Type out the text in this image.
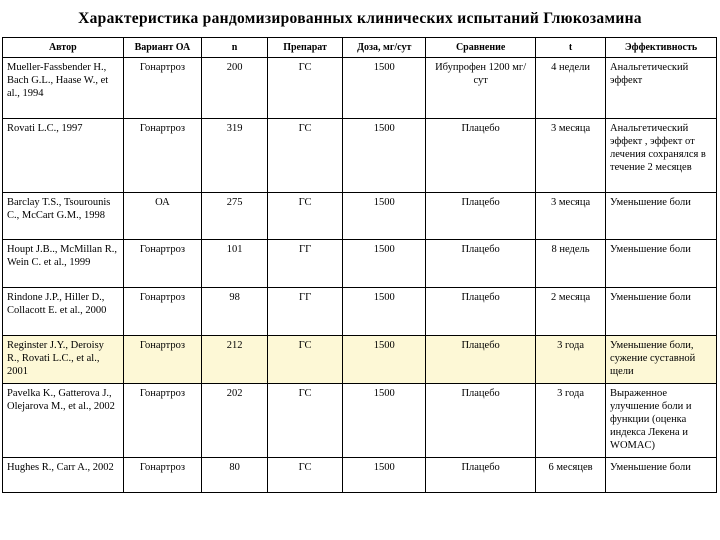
Характеристика рандомизированных клинических испытаний Глюкозамина
Автор	Вариант ОА	n	Препарат	Доза, мг/сут	Сравнение	t	Эффективность
Mueller-Fassbender H., Bach G.L., Haase W., et al., 1994	Гонартроз	200	ГС	1500	Ибупрофен 1200 мг/сут	4 недели	Анальгетический эффект
Rovati L.C., 1997	Гонартроз	319	ГС	1500	Плацебо	3 месяца	Анальгетический эффект , эффект от лечения сохранялся в течение 2 месяцев
Barclay T.S., Tsourounis C., McCart G.M., 1998	ОА	275	ГС	1500	Плацебо	3 месяца	Уменьшение боли
Houpt J.B.., McMillan R., Wein C. et al., 1999	Гонартроз	101	ГГ	1500	Плацебо	8 недель	Уменьшение боли
Rindone J.P., Hiller D., Collacott E. et al., 2000	Гонартроз	98	ГГ	1500	Плацебо	2 месяца	Уменьшение боли
Reginster J.Y., Deroisy R., Rovati L.C., et al., 2001	Гонартроз	212	ГС	1500	Плацебо	3 года	Уменьшение боли, сужение суставной щели
Pavelka K., Gatterova J., Olejarova M., et al., 2002	Гонартроз	202	ГС	1500	Плацебо	3 года	Выраженное улучшение боли и функции (оценка индекса Лекена и WOMAC)
Hughes R., Carr A., 2002	Гонартроз	80	ГС	1500	Плацебо	6 месяцев	Уменьшение боли
